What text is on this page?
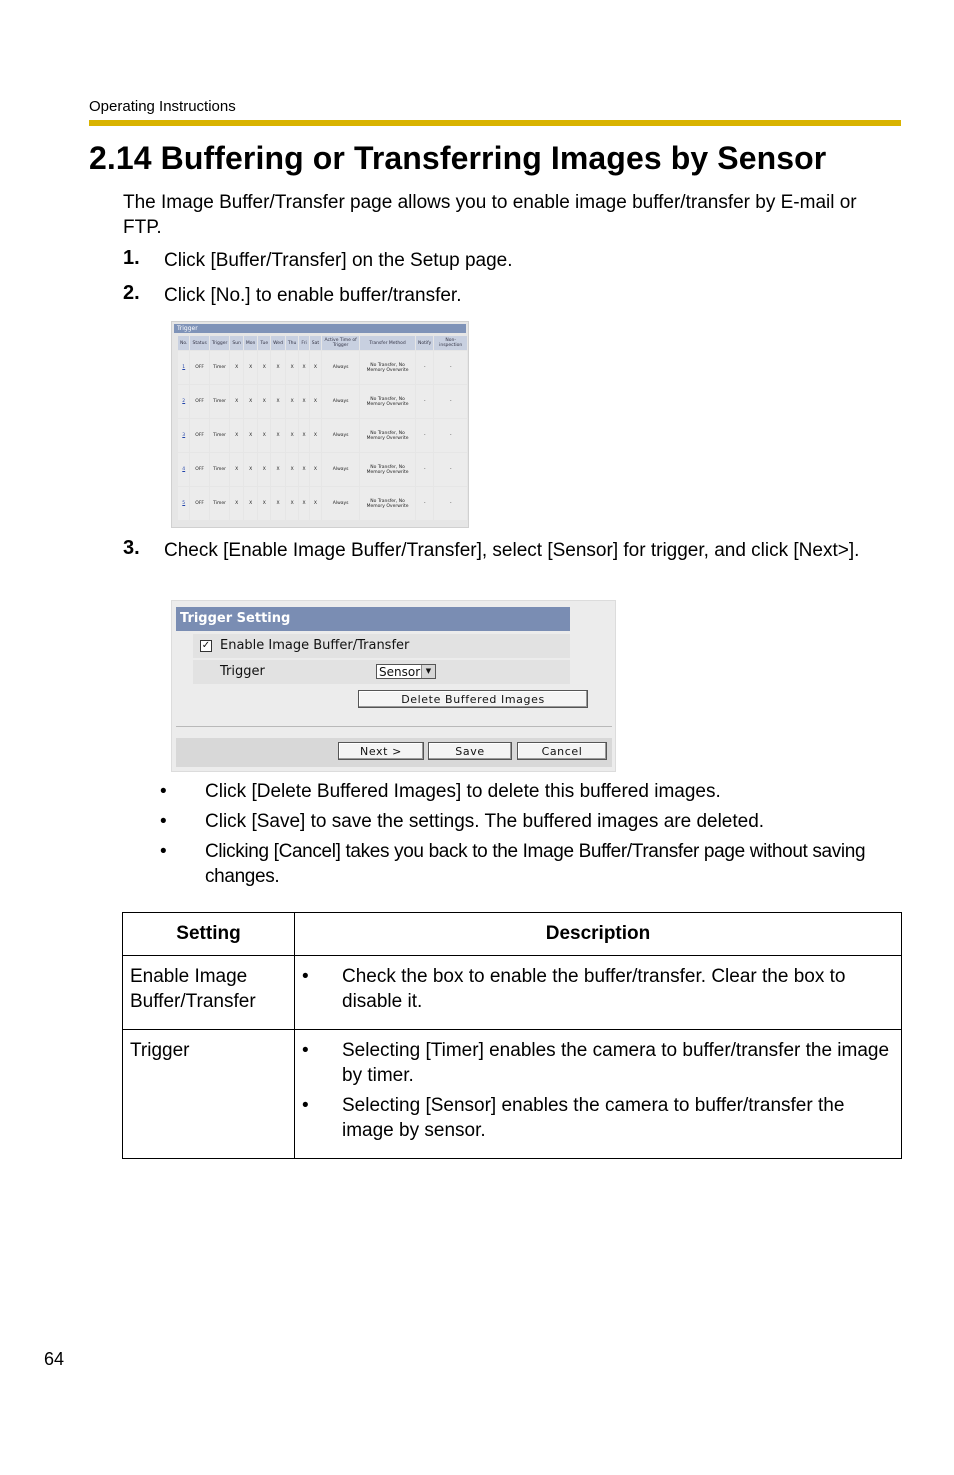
Operating Instructions
2.14 Buffering or Transferring Images by Sensor
The Image Buffer/Transfer page allows you to enable image buffer/transfer by E-mail or FTP.
1. Click [Buffer/Transfer] on the Setup page.
2. Click [No.] to enable buffer/transfer.
Trigger
No.	Status	Trigger	Sun	Mon	Tue	Wed	Thu	Fri	Sat	Active Time of Trigger	Transfer Method	Notify	Non-inspection
1	OFF	Timer	X	X	X	X	X	X	X	Always	No Transfer, No Memory Overwrite	-	-
2	OFF	Timer	X	X	X	X	X	X	X	Always	No Transfer, No Memory Overwrite	-	-
3	OFF	Timer	X	X	X	X	X	X	X	Always	No Transfer, No Memory Overwrite	-	-
4	OFF	Timer	X	X	X	X	X	X	X	Always	No Transfer, No Memory Overwrite	-	-
5	OFF	Timer	X	X	X	X	X	X	X	Always	No Transfer, No Memory Overwrite	-	-
3. Check [Enable Image Buffer/Transfer], select [Sensor] for trigger, and click [Next>].
Trigger Setting
✓ Enable Image Buffer/Transfer
Trigger	Sensor ▼
Delete Buffered Images
Next >	Save	Cancel
• Click [Delete Buffered Images] to delete this buffered images.
• Click [Save] to save the settings. The buffered images are deleted.
• Clicking [Cancel] takes you back to the Image Buffer/Transfer page without saving changes.
Setting	Description
Enable Image Buffer/Transfer	• Check the box to enable the buffer/transfer. Clear the box to disable it.

Trigger	• Selecting [Timer] enables the camera to buffer/transfer the image by timer.
• Selecting [Sensor] enables the camera to buffer/transfer the image by sensor.
64
